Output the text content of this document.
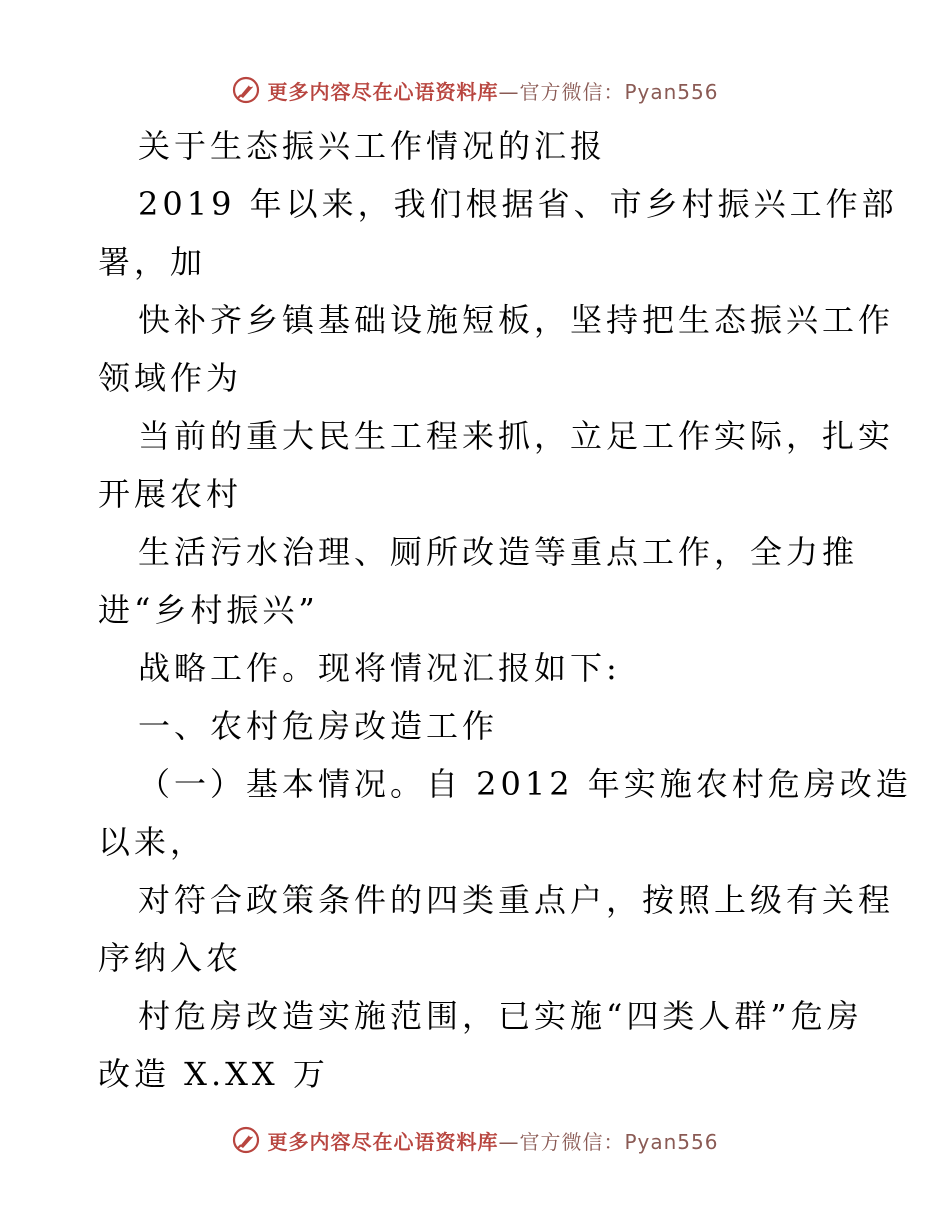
更多内容尽在心语资料库 —官方微信：Pyan556
关于生态振兴工作情况的汇报
2019 年以来，我们根据省、市乡村振兴工作部
署，加
快补齐乡镇基础设施短板，坚持把生态振兴工作
领域作为
当前的重大民生工程来抓，立足工作实际，扎实
开展农村
生活污水治理、厕所改造等重点工作，全力推
进“乡村振兴”
战略工作。现将情况汇报如下:
一、农村危房改造工作
（一）基本情况。自 2012 年实施农村危房改造
以来，
对符合政策条件的四类重点户，按照上级有关程
序纳入农
村危房改造实施范围，已实施“四类人群”危房
改造 X.XX 万
更多内容尽在心语资料库 —官方微信：Pyan556
